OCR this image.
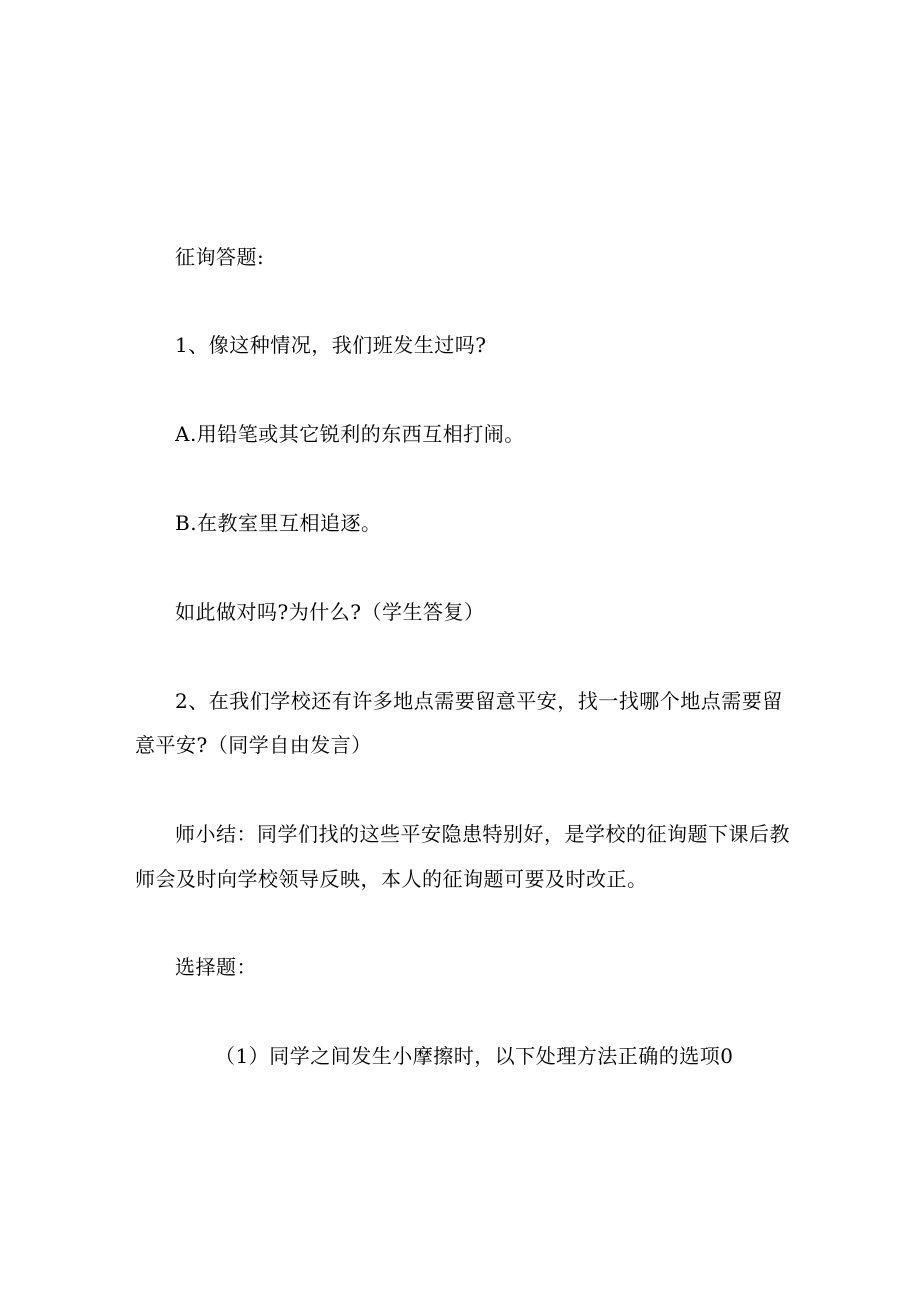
征询答题:
1、像这种情况，我们班发生过吗?
A.用铅笔或其它锐利的东西互相打闹。
B.在教室里互相追逐。
如此做对吗?为什么?（学生答复）
2、在我们学校还有许多地点需要留意平安，找一找哪个地点需要留
意平安?（同学自由发言）
师小结：同学们找的这些平安隐患特别好，是学校的征询题下课后教
师会及时向学校领导反映，本人的征询题可要及时改正。
选择题：
（1）同学之间发生小摩擦时，以下处理方法正确的选项0
